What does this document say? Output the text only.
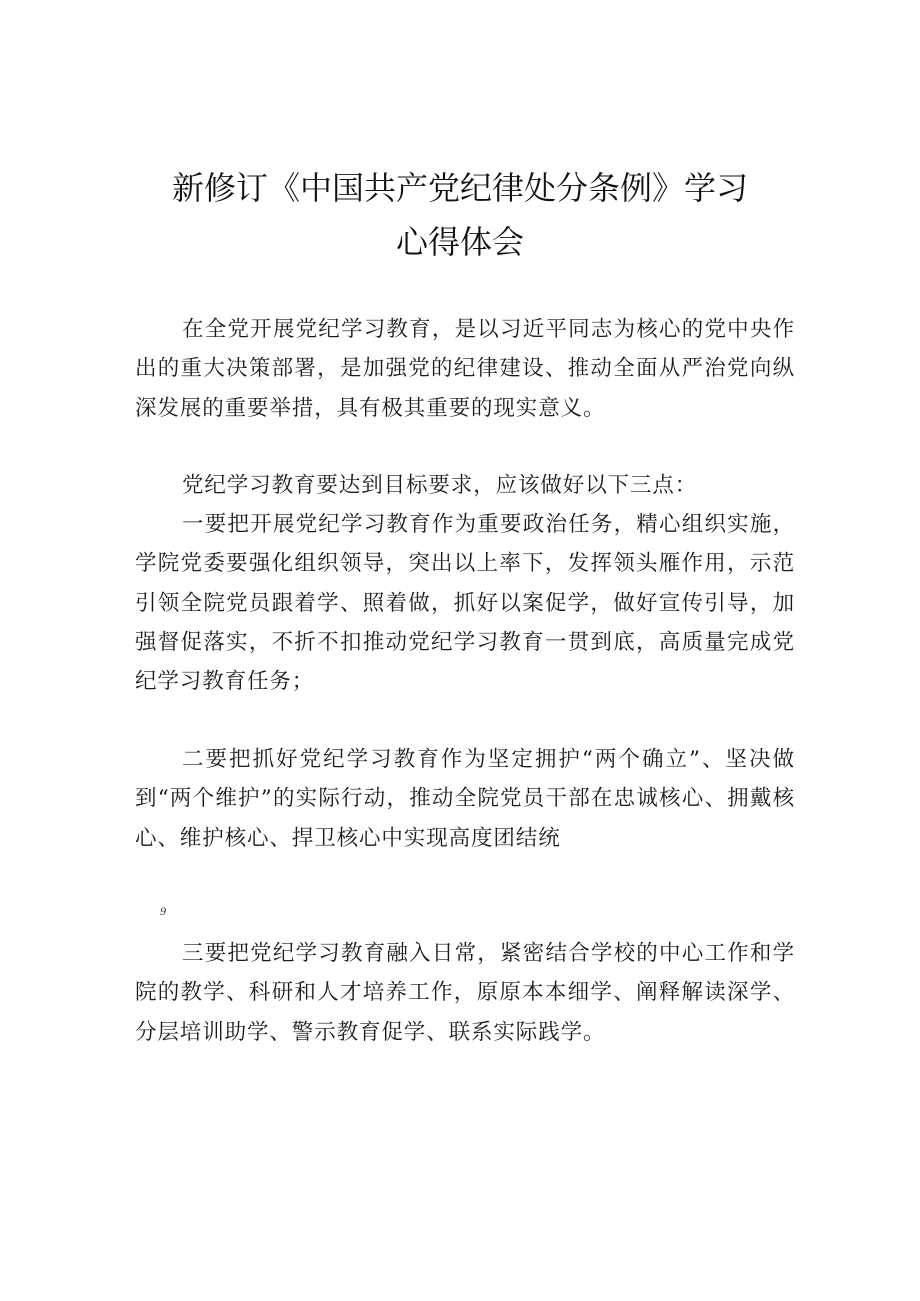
新修订《中国共产党纪律处分条例》学习
心得体会
在全党开展党纪学习教育，是以习近平同志为核心的党中央作出的重大决策部署，是加强党的纪律建设、推动全面从严治党向纵深发展的重要举措，具有极其重要的现实意义。
党纪学习教育要达到目标要求，应该做好以下三点：
一要把开展党纪学习教育作为重要政治任务，精心组织实施，学院党委要强化组织领导，突出以上率下，发挥领头雁作用，示范引领全院党员跟着学、照着做，抓好以案促学，做好宣传引导，加强督促落实，不折不扣推动党纪学习教育一贯到底，高质量完成党纪学习教育任务；
二要把抓好党纪学习教育作为坚定拥护“两个确立”、坚决做到“两个维护”的实际行动，推动全院党员干部在忠诚核心、拥戴核心、维护核心、捍卫核心中实现高度团结统
9
三要把党纪学习教育融入日常，紧密结合学校的中心工作和学院的教学、科研和人才培养工作，原原本本细学、阐释解读深学、分层培训助学、警示教育促学、联系实际践学。
